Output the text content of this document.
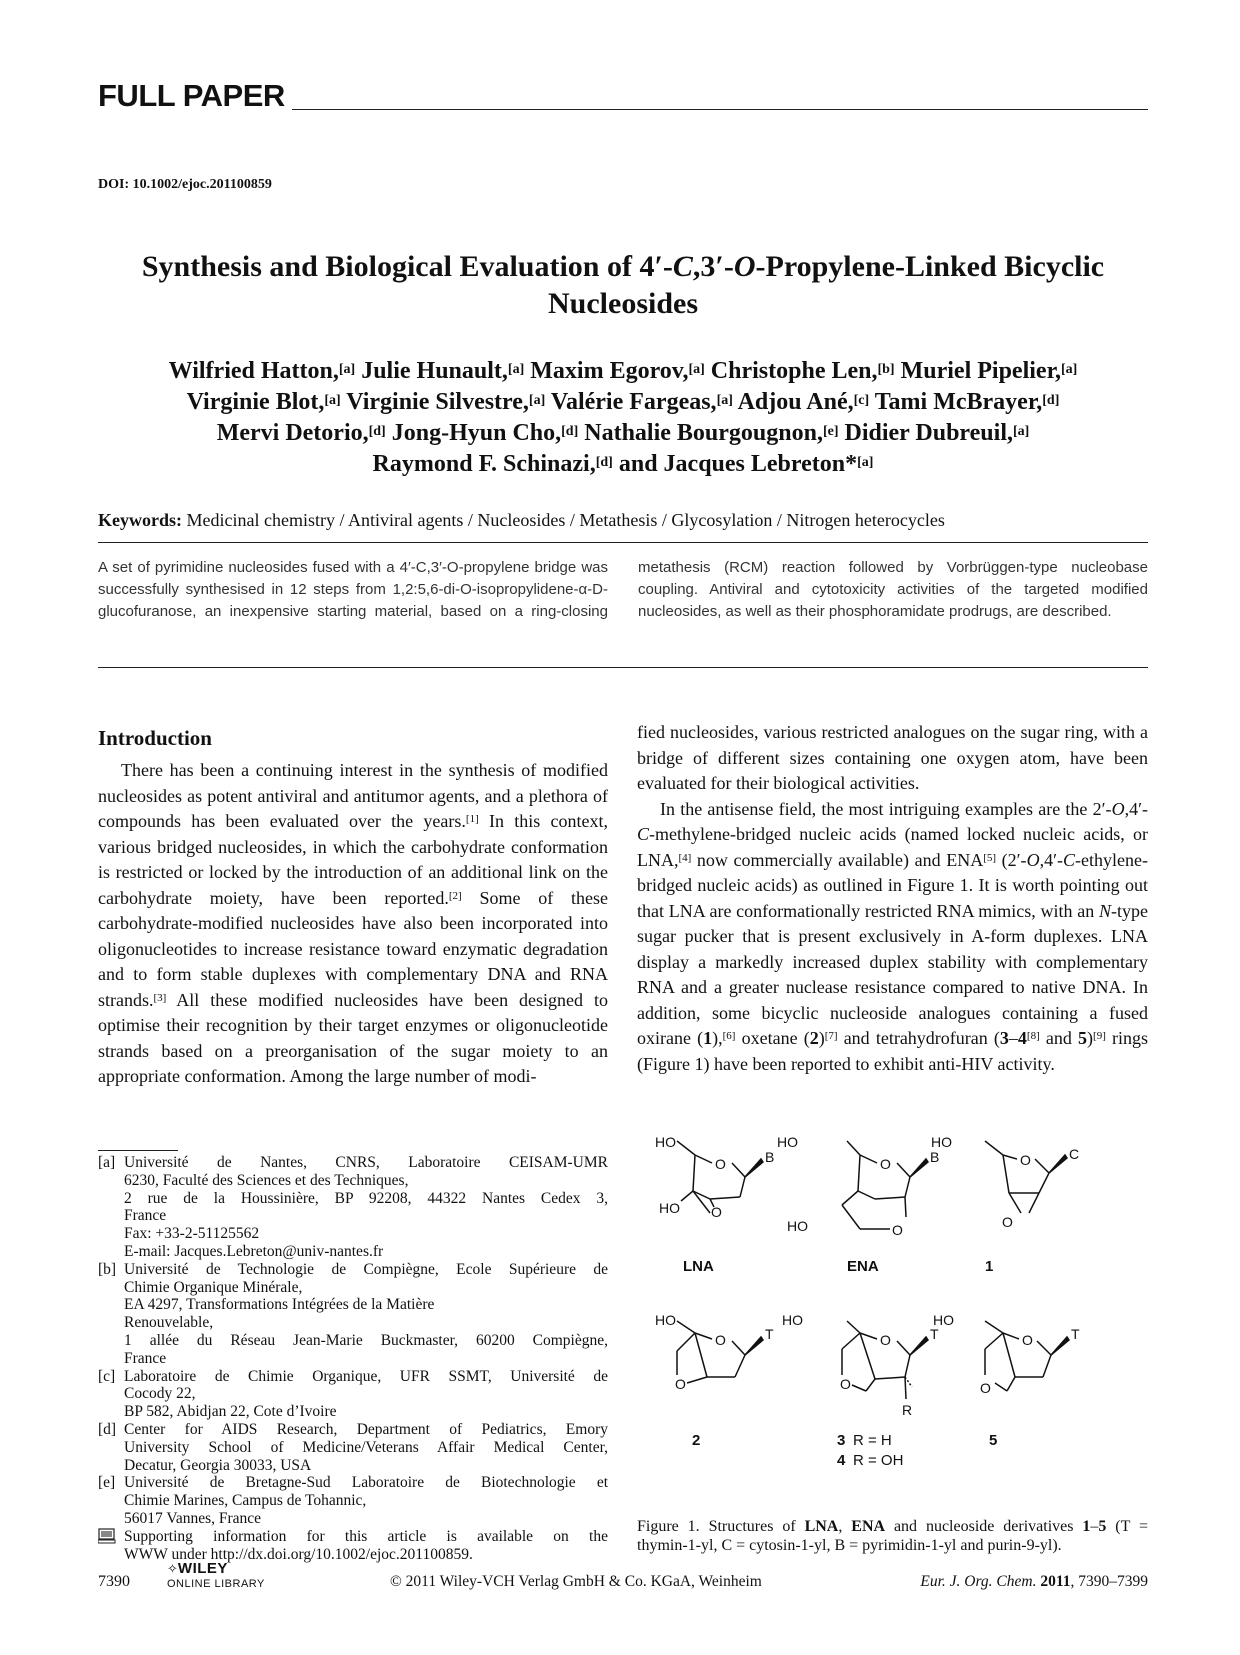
FULL PAPER
DOI: 10.1002/ejoc.201100859
Synthesis and Biological Evaluation of 4′-C,3′-O-Propylene-Linked Bicyclic
Nucleosides
Wilfried Hatton,[a] Julie Hunault,[a] Maxim Egorov,[a] Christophe Len,[b] Muriel Pipelier,[a]
Virginie Blot,[a] Virginie Silvestre,[a] Valérie Fargeas,[a] Adjou Ané,[c] Tami McBrayer,[d]
Mervi Detorio,[d] Jong-Hyun Cho,[d] Nathalie Bourgougnon,[e] Didier Dubreuil,[a]
Raymond F. Schinazi,[d] and Jacques Lebreton*[a]
Keywords: Medicinal chemistry / Antiviral agents / Nucleosides / Metathesis / Glycosylation / Nitrogen heterocycles
A set of pyrimidine nucleosides fused with a 4′-C,3′-O-propylene bridge was successfully synthesised in 12 steps from 1,2:5,6-di-O-isopropylidene-α-D-glucofuranose, an inexpensive starting material, based on a ring-closing metathesis (RCM) reaction followed by Vorbrüggen-type nucleobase coupling. Antiviral and cytotoxicity activities of the targeted modified nucleosides, as well as their phosphoramidate prodrugs, are described.
Introduction

There has been a continuing interest in the synthesis of modified nucleosides as potent antiviral and antitumor agents, and a plethora of compounds has been evaluated over the years.[1] In this context, various bridged nucleosides, in which the carbohydrate conformation is restricted or locked by the introduction of an additional link on the carbohydrate moiety, have been reported.[2] Some of these carbohydrate-modified nucleosides have also been incorporated into oligonucleotides to increase resistance toward enzymatic degradation and to form stable duplexes with complementary DNA and RNA strands.[3] All these modified nucleosides have been designed to optimise their recognition by their target enzymes or oligonucleotide strands based on a preorganisation of the sugar moiety to an appropriate conformation. Among the large number of modi-

fied nucleosides, various restricted analogues on the sugar ring, with a bridge of different sizes containing one oxygen atom, have been evaluated for their biological activities.

In the antisense field, the most intriguing examples are the 2′-O,4′-C-methylene-bridged nucleic acids (named locked nucleic acids, or LNA,[4] now commercially available) and ENA[5] (2′-O,4′-C-ethylene-bridged nucleic acids) as outlined in Figure 1. It is worth pointing out that LNA are conformationally restricted RNA mimics, with an N-type sugar pucker that is present exclusively in A-form duplexes. LNA display a markedly increased duplex stability with complementary RNA and a greater nuclease resistance compared to native DNA. In addition, some bicyclic nucleoside analogues containing a fused oxirane (1),[6] oxetane (2)[7] and tetrahydrofuran (3–4[8] and 5)[9] rings (Figure 1) have been reported to exhibit anti-HIV activity.

[a] Université de Nantes, CNRS, Laboratoire CEISAM-UMR
6230, Faculté des Sciences et des Techniques,
2 rue de la Houssinière, BP 92208, 44322 Nantes Cedex 3,
France
Fax: +33-2-51125562
E-mail: Jacques.Lebreton@univ-nantes.fr
[b] Université de Technologie de Compiègne, Ecole Supérieure de
Chimie Organique Minérale,
EA 4297, Transformations Intégrées de la Matière
Renouvelable,
1 allée du Réseau Jean-Marie Buckmaster, 60200 Compiègne,
France
[c] Laboratoire de Chimie Organique, UFR SSMT, Université de
Cocody 22,
BP 582, Abidjan 22, Cote d’Ivoire
[d] Center for AIDS Research, Department of Pediatrics, Emory
University School of Medicine/Veterans Affair Medical Center,
Decatur, Georgia 30033, USA
[e] Université de Bretagne-Sud Laboratoire de Biotechnologie et
Chimie Marines, Campus de Tohannic,
56017 Vannes, France
Supporting information for this article is available on the
WWW under http://dx.doi.org/10.1002/ejoc.201100859.
HO
O	B
HO O
HO
O	B
HO	O
HO
O	C
O
HO
O	T
O
HO
O	T
O
R
HO
O	T
O
LNA	ENA	1
2	3
4
5
R = H
R = OH
Figure 1. Structures of LNA, ENA and nucleoside derivatives 1–5 (T = thymin-1-yl, C = cytosin-1-yl, B = pyrimidin-1-yl and purin-9-yl).
7390
✧WILEY
ONLINE LIBRARY	© 2011 Wiley-VCH Verlag GmbH & Co. KGaA, Weinheim	Eur. J. Org. Chem. 2011, 7390–7399
